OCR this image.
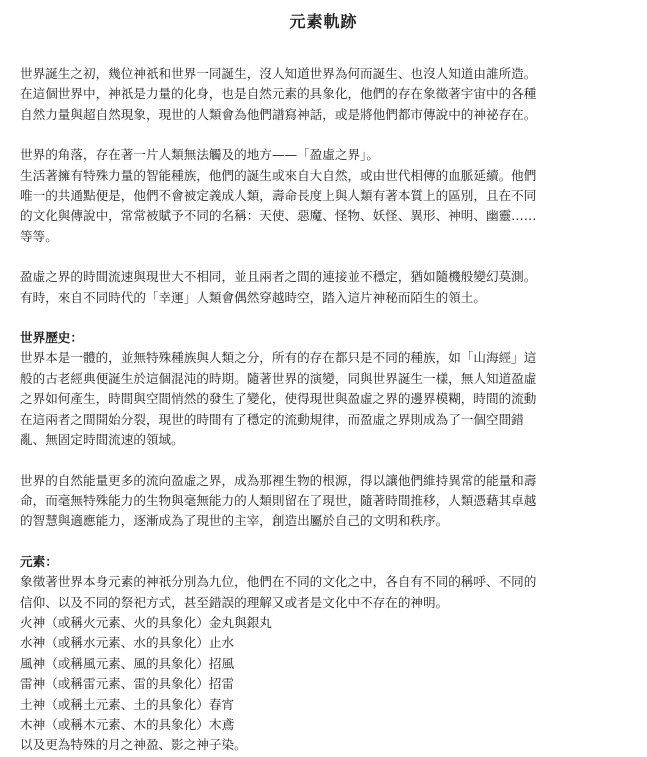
元素軌跡
世界誕生之初，幾位神祇和世界一同誕生，沒人知道世界為何而誕生、也沒人知道由誰所造。
在這個世界中，神祇是力量的化身，也是自然元素的具象化，他們的存在象徵著宇宙中的各種
自然力量與超自然現象，現世的人類會為他們譜寫神話，或是將他們都市傳說中的神祕存在。
世界的角落，存在著一片人類無法觸及的地方——「盈虛之界」。
生活著擁有特殊力量的智能種族，他們的誕生或來自大自然，或由世代相傳的血脈延續。他們
唯一的共通點便是，他們不會被定義成人類，壽命長度上與人類有著本質上的區別，且在不同
的文化與傳說中，常常被賦予不同的名稱：天使、惡魔、怪物、妖怪、異形、神明、幽靈……
等等。
盈虛之界的時間流速與現世大不相同，並且兩者之間的連接並不穩定，猶如隨機般變幻莫測。
有時，來自不同時代的「幸運」人類會偶然穿越時空，踏入這片神秘而陌生的領土。
世界歷史：
世界本是一體的，並無特殊種族與人類之分，所有的存在都只是不同的種族，如「山海經」這
般的古老經典便誕生於這個混沌的時期。隨著世界的演變，同與世界誕生一樣，無人知道盈虛
之界如何產生，時間與空間悄然的發生了變化，使得現世與盈虛之界的邊界模糊，時間的流動
在這兩者之間開始分裂，現世的時間有了穩定的流動規律，而盈虛之界則成為了一個空間錯
亂、無固定時間流速的領域。
世界的自然能量更多的流向盈虛之界，成為那裡生物的根源，得以讓他們維持異常的能量和壽
命，而毫無特殊能力的生物與毫無能力的人類則留在了現世，隨著時間推移，人類憑藉其卓越
的智慧與適應能力，逐漸成為了現世的主宰，創造出屬於自己的文明和秩序。
元素：
象徵著世界本身元素的神祇分別為九位，他們在不同的文化之中，各自有不同的稱呼、不同的
信仰、以及不同的祭祀方式，甚至錯誤的理解又或者是文化中不存在的神明。
火神（或稱火元素、火的具象化）金丸與銀丸
水神（或稱水元素、水的具象化）止水
風神（或稱風元素、風的具象化）招風
雷神（或稱雷元素、雷的具象化）招雷
土神（或稱土元素、土的具象化）春宵
木神（或稱木元素、木的具象化）木鳶
以及更為特殊的月之神盈、影之神子染。
